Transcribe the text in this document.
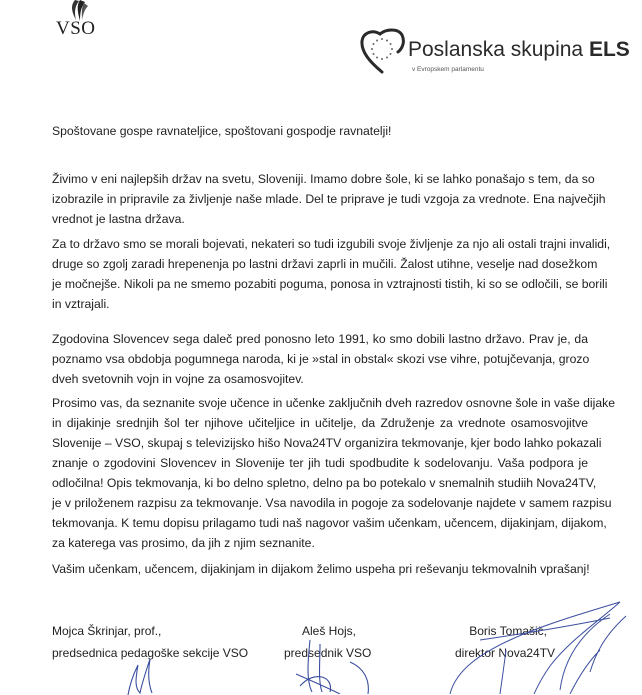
VSO
Poslanska skupina ELS
v Evropskem parlamentu
Spoštovane gospe ravnateljice, spoštovani gospodje ravnatelji!
Živimo v eni najlepših držav na svetu, Sloveniji. Imamo dobre šole, ki se lahko ponašajo s tem, da so
izobrazile in pripravile za življenje naše mlade. Del te priprave je tudi vzgoja za vrednote. Ena največjih
vrednot je lastna država.
Za to državo smo se morali bojevati, nekateri so tudi izgubili svoje življenje za njo ali ostali trajni invalidi,
druge so zgolj zaradi hrepenenja po lastni državi zaprli in mučili. Žalost utihne, veselje nad dosežkom
je močnejše. Nikoli pa ne smemo pozabiti poguma, ponosa in vztrajnosti tistih, ki so se odločili, se borili
in vztrajali.
Zgodovina Slovencev sega daleč pred ponosno leto 1991, ko smo dobili lastno državo. Prav je, da
poznamo vsa obdobja pogumnega naroda, ki je »stal in obstal« skozi vse vihre, potujčevanja, grozo
dveh svetovnih vojn in vojne za osamosvojitev.
Prosimo vas, da seznanite svoje učence in učenke zaključnih dveh razredov osnovne šole in vaše dijake
in dijakinje srednjih šol ter njihove učiteljice in učitelje, da Združenje za vrednote osamosvojitve
Slovenije – VSO, skupaj s televizijsko hišo Nova24TV organizira tekmovanje, kjer bodo lahko pokazali
znanje o zgodovini Slovencev in Slovenije ter jih tudi spodbudite k sodelovanju. Vaša podpora je
odločilna! Opis tekmovanja, ki bo delno spletno, delno pa bo potekalo v snemalnih studiih Nova24TV,
je v priloženem razpisu za tekmovanje. Vsa navodila in pogoje za sodelovanje najdete v samem razpisu
tekmovanja. K temu dopisu prilagamo tudi naš nagovor vašim učenkam, učencem, dijakinjam, dijakom,
za katerega vas prosimo, da jih z njim seznanite.
Vašim učenkam, učencem, dijakinjam in dijakom želimo uspeha pri reševanju tekmovalnih vprašanj!
Mojca Škrinjar, prof.,
predsednica pedagoške sekcije VSO
Aleš Hojs,
predsednik VSO
Boris Tomašič,
direktor Nova24TV
